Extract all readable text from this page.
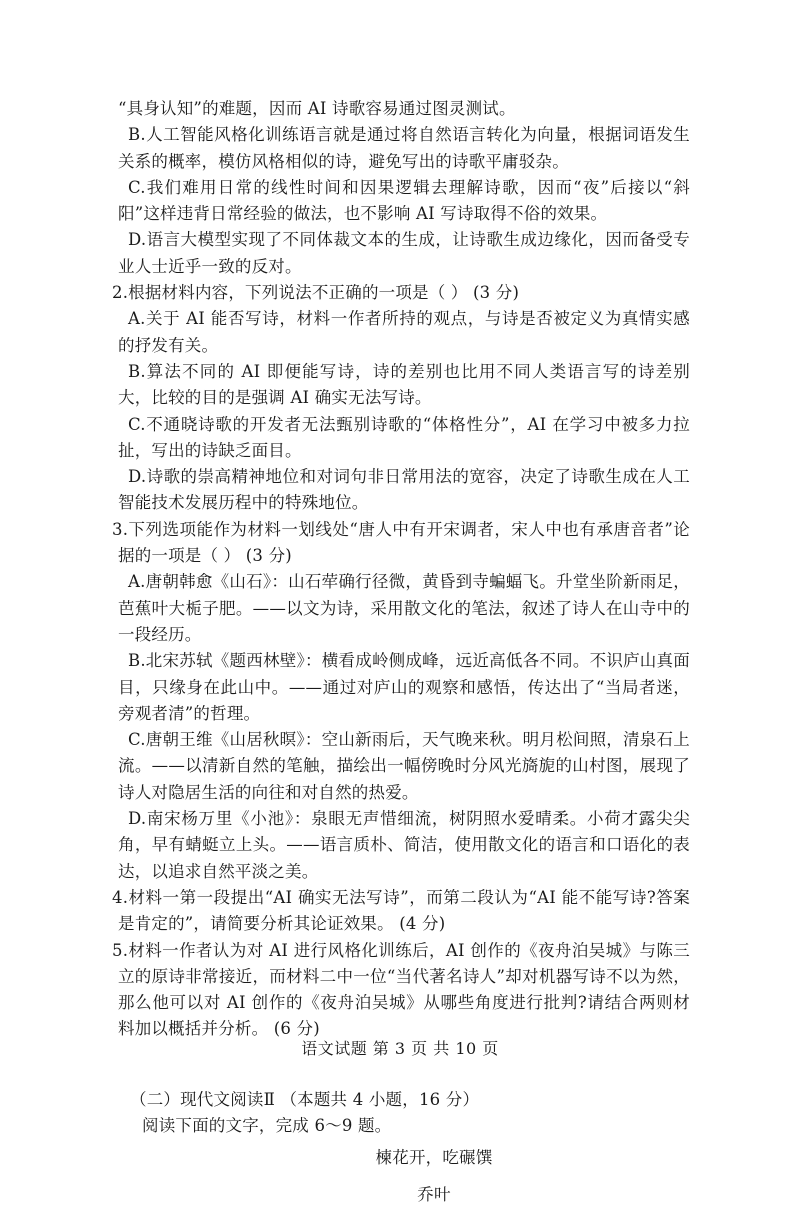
“具身认知”的难题，因而 AI 诗歌容易通过图灵测试。

B.人工智能风格化训练语言就是通过将自然语言转化为向量，根据词语发生关系的概率，模仿风格相似的诗，避免写出的诗歌平庸驳杂。

C.我们难用日常的线性时间和因果逻辑去理解诗歌，因而“夜”后接以“斜阳”这样违背日常经验的做法，也不影响 AI 写诗取得不俗的效果。

D.语言大模型实现了不同体裁文本的生成，让诗歌生成边缘化，因而备受专业人士近乎一致的反对。

2.根据材料内容，下列说法不正确的一项是（ ） (3 分)

A.关于 AI 能否写诗，材料一作者所持的观点，与诗是否被定义为真情实感的抒发有关。

B.算法不同的 AI 即便能写诗，诗的差别也比用不同人类语言写的诗差别大，比较的目的是强调 AI 确实无法写诗。

C.不通晓诗歌的开发者无法甄别诗歌的“体格性分”，AI 在学习中被多力拉扯，写出的诗缺乏面目。

D.诗歌的崇高精神地位和对词句非日常用法的宽容，决定了诗歌生成在人工智能技术发展历程中的特殊地位。

3.下列选项能作为材料一划线处“唐人中有开宋调者，宋人中也有承唐音者”论据的一项是（ ） (3 分)

A.唐朝韩愈《山石》：山石荦确行径微，黄昏到寺蝙蝠飞。升堂坐阶新雨足，芭蕉叶大栀子肥。——以文为诗，采用散文化的笔法，叙述了诗人在山寺中的一段经历。

B.北宋苏轼《题西林壁》：横看成岭侧成峰，远近高低各不同。不识庐山真面目，只缘身在此山中。——通过对庐山的观察和感悟，传达出了“当局者迷，旁观者清”的哲理。

C.唐朝王维《山居秋暝》：空山新雨后，天气晚来秋。明月松间照，清泉石上流。——以清新自然的笔触，描绘出一幅傍晚时分风光旖旎的山村图，展现了诗人对隐居生活的向往和对自然的热爱。

D.南宋杨万里《小池》：泉眼无声惜细流，树阴照水爱晴柔。小荷才露尖尖角，早有蜻蜓立上头。——语言质朴、简洁，使用散文化的语言和口语化的表达，以追求自然平淡之美。

4.材料一第一段提出“AI 确实无法写诗”，而第二段认为“AI 能不能写诗?答案是肯定的”，请简要分析其论证效果。 (4 分)

5.材料一作者认为对 AI 进行风格化训练后，AI 创作的《夜舟泊吴城》与陈三立的原诗非常接近，而材料二中一位“当代著名诗人”却对机器写诗不以为然，那么他可以对 AI 创作的《夜舟泊吴城》从哪些角度进行批判?请结合两则材料加以概括并分析。 (6 分)

（二）现代文阅读Ⅱ （本题共 4 小题，16 分）

阅读下面的文字，完成 6～9 题。

楝花开，吃碾馔

乔叶

语文试题 第 3 页 共 10 页
